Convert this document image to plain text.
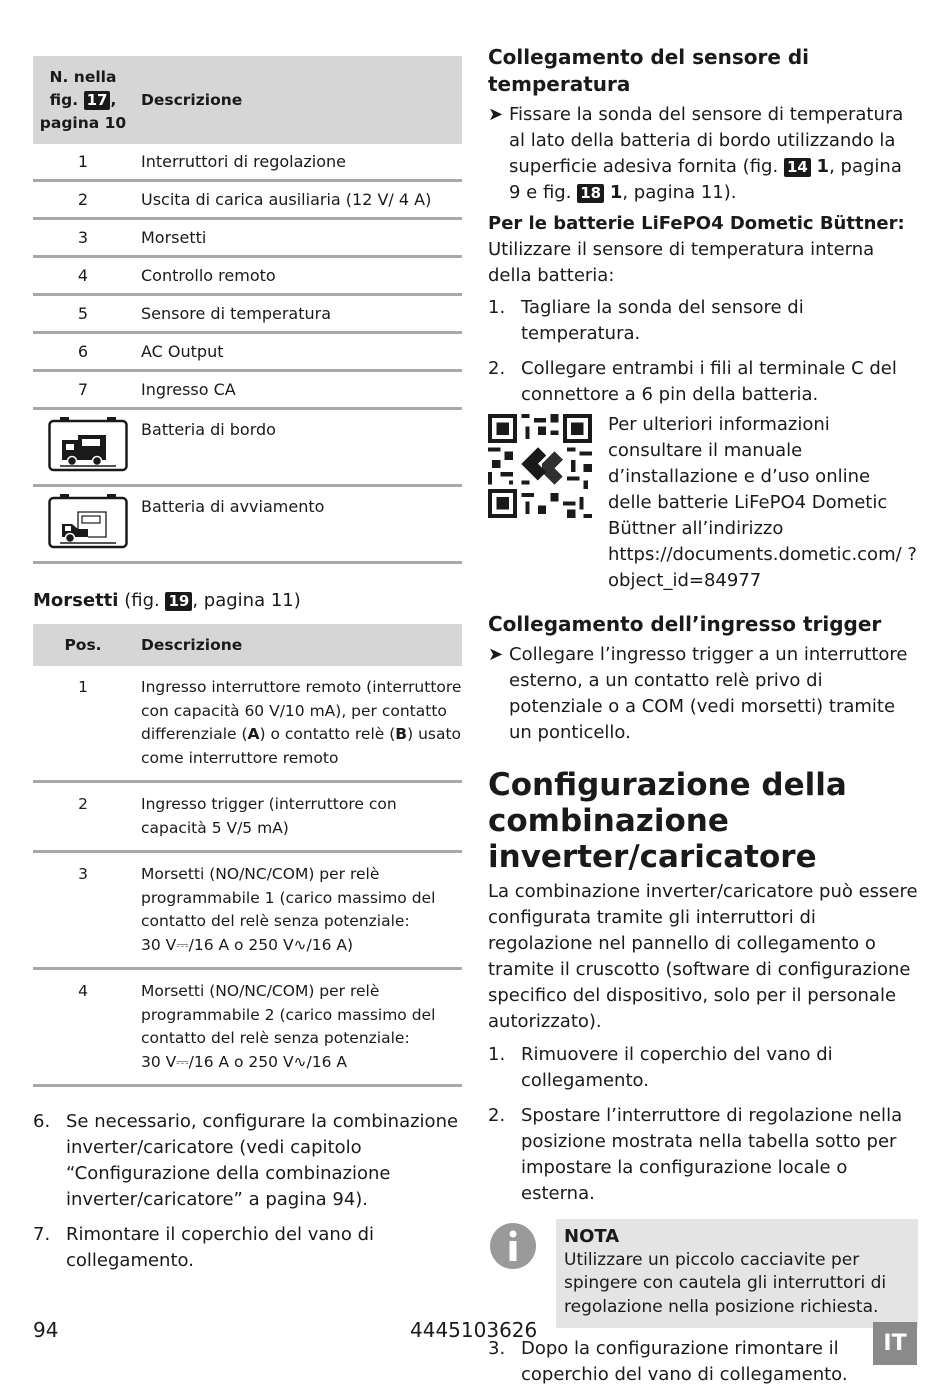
N. nella
fig. 17 ,
pagina 10
Descrizione
1	Interruttori di regolazione
2	Uscita di carica ausiliaria (12 V/ 4 A)
3	Morsetti
4	Controllo remoto
5	Sensore di temperatura
6	AC Output
7	Ingresso CA
Batteria di bordo
Batteria di avviamento
Morsetti (fig. 19 , pagina 11)
Pos.	Descrizione
1	Ingresso interruttore remoto (interruttore con capacità 60 V/10 mA), per contatto differenziale (A) o contatto relè (B) usato come interruttore remoto
2	Ingresso trigger (interruttore con capacità 5 V/5 mA)
3	Morsetti (NO/NC/COM) per relè programmabile 1 (carico massimo del contatto del relè senza potenziale:
30 V⎓/16 A o 250 V∿/16 A)
4	Morsetti (NO/NC/COM) per relè programmabile 2 (carico massimo del contatto del relè senza potenziale:
30 V⎓/16 A o 250 V∿/16 A
6. Se necessario, configurare la combinazione inverter/caricatore (vedi capitolo “Configurazione della combinazione inverter/caricatore” a pagina 94).
7. Rimontare il coperchio del vano di collegamento.
Collegamento del sensore di temperatura
➤ Fissare la sonda del sensore di temperatura al lato della batteria di bordo utilizzando la superficie adesiva fornita (fig. 14 1, pagina 9 e fig. 18 1, pagina 11).

Per le batterie LiFePO4 Dometic Büttner: Utilizzare il sensore di temperatura interna della batteria:

1. Tagliare la sonda del sensore di temperatura.
2. Collegare entrambi i fili al terminale C del connettore a 6 pin della batteria.

Per ulteriori informazioni consultare il manuale d’installazione e d’uso online delle batterie LiFePO4 Dometic Büttner all’indirizzo https://documents.dometic.com/ ?object_id=84977

Collegamento dell’ingresso trigger
➤ Collegare l’ingresso trigger a un interruttore esterno, a un contatto relè privo di potenziale o a COM (vedi morsetti) tramite un ponticello.
Configurazione della combinazione inverter/caricatore

La combinazione inverter/caricatore può essere configurata tramite gli interruttori di regolazione nel pannello di collegamento o tramite il cruscotto (software di configurazione specifico del dispositivo, solo per il personale autorizzato).

1. Rimuovere il coperchio del vano di collegamento.
2. Spostare l’interruttore di regolazione nella posizione mostrata nella tabella sotto per impostare la configurazione locale o esterna.
NOTA
Utilizzare un piccolo cacciavite per spingere con cautela gli interruttori di regolazione nella posizione richiesta.
3. Dopo la configurazione rimontare il coperchio del vano di collegamento.
94	4445103626
IT
